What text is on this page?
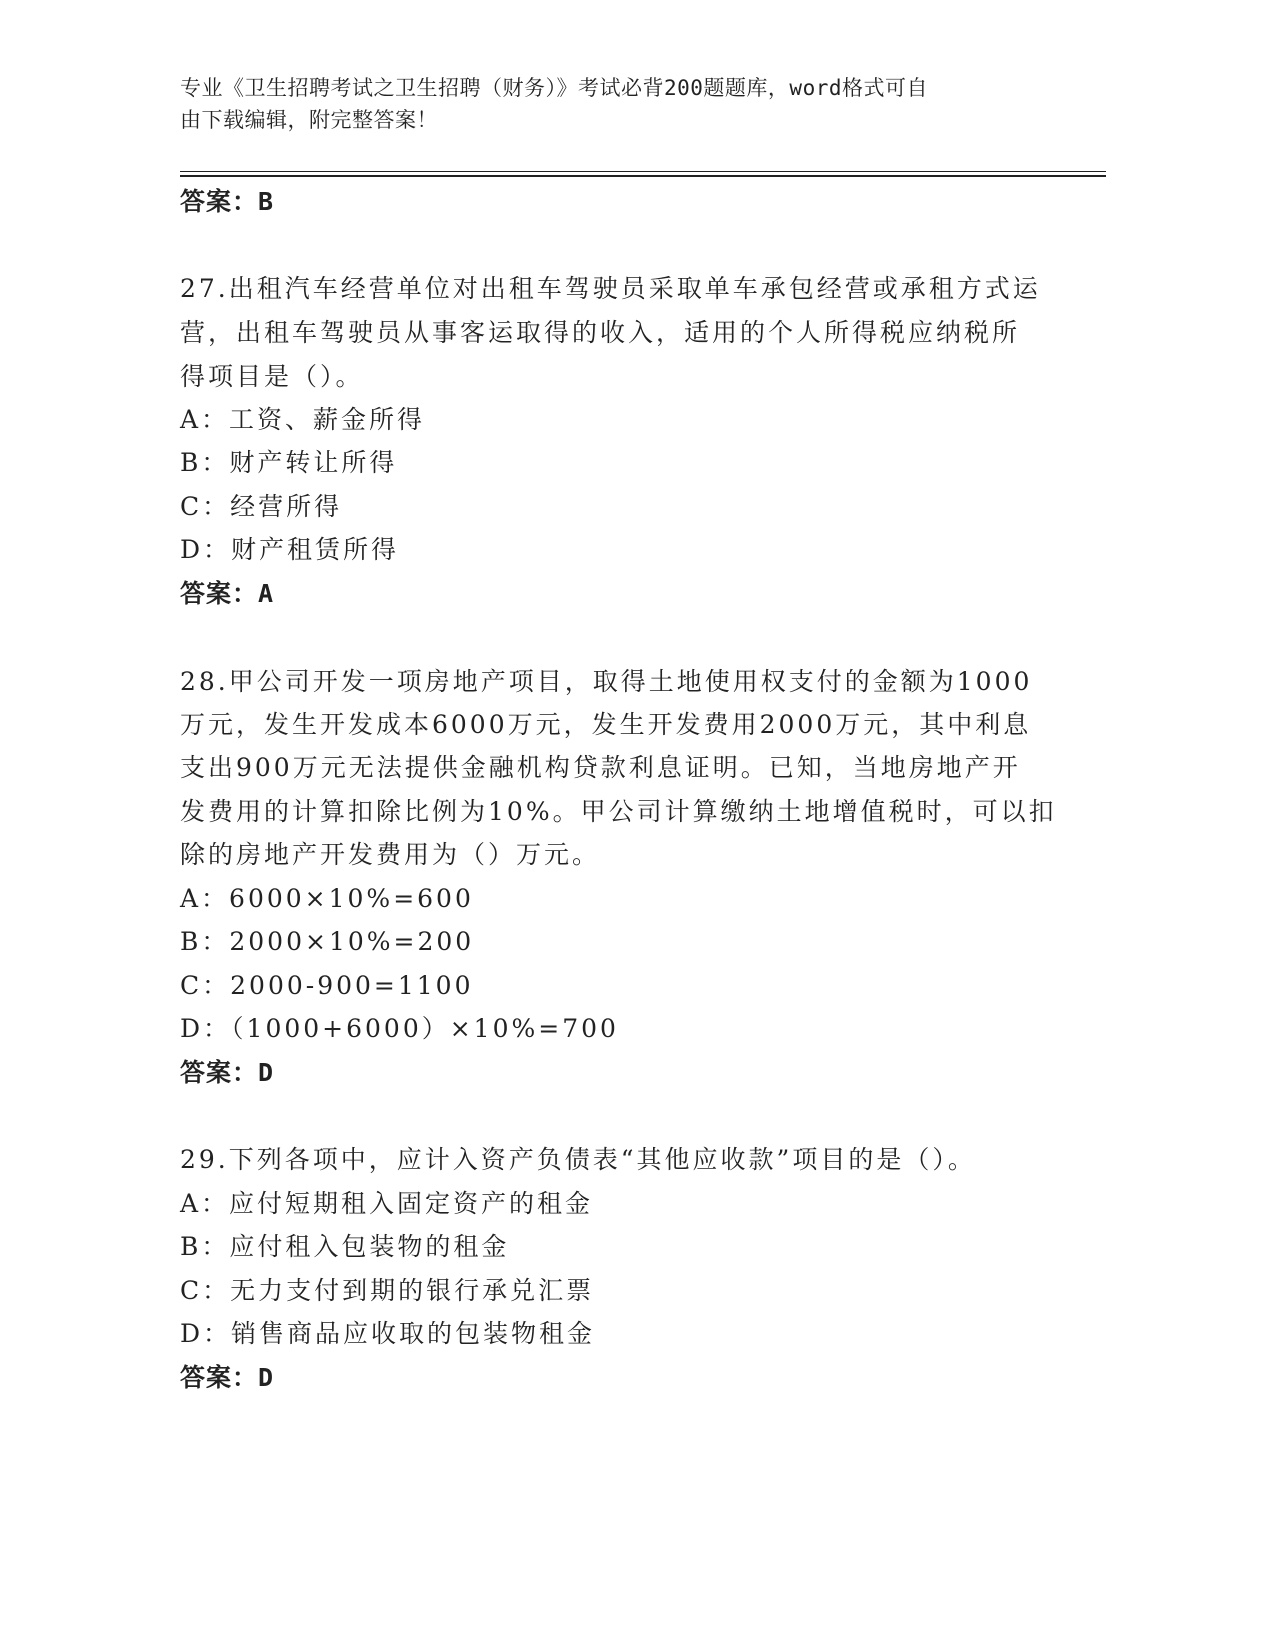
专业《卫生招聘考试之卫生招聘（财务）》考试必背200题题库，word格式可自
由下载编辑，附完整答案！
答案：B
27.出租汽车经营单位对出租车驾驶员采取单车承包经营或承租方式运
营，出租车驾驶员从事客运取得的收入，适用的个人所得税应纳税所
得项目是（）。
A：工资、薪金所得
B：财产转让所得
C：经营所得
D：财产租赁所得
答案：A
28.甲公司开发一项房地产项目，取得土地使用权支付的金额为1000
万元，发生开发成本6000万元，发生开发费用2000万元，其中利息
支出900万元无法提供金融机构贷款利息证明。已知，当地房地产开
发费用的计算扣除比例为10%。甲公司计算缴纳土地增值税时，可以扣
除的房地产开发费用为（）万元。
A：6000×10%=600
B：2000×10%=200
C：2000-900=1100
D：（1000+6000）×10%=700
答案：D
29.下列各项中，应计入资产负债表“其他应收款”项目的是（）。
A：应付短期租入固定资产的租金
B：应付租入包装物的租金
C：无力支付到期的银行承兑汇票
D：销售商品应收取的包装物租金
答案：D
